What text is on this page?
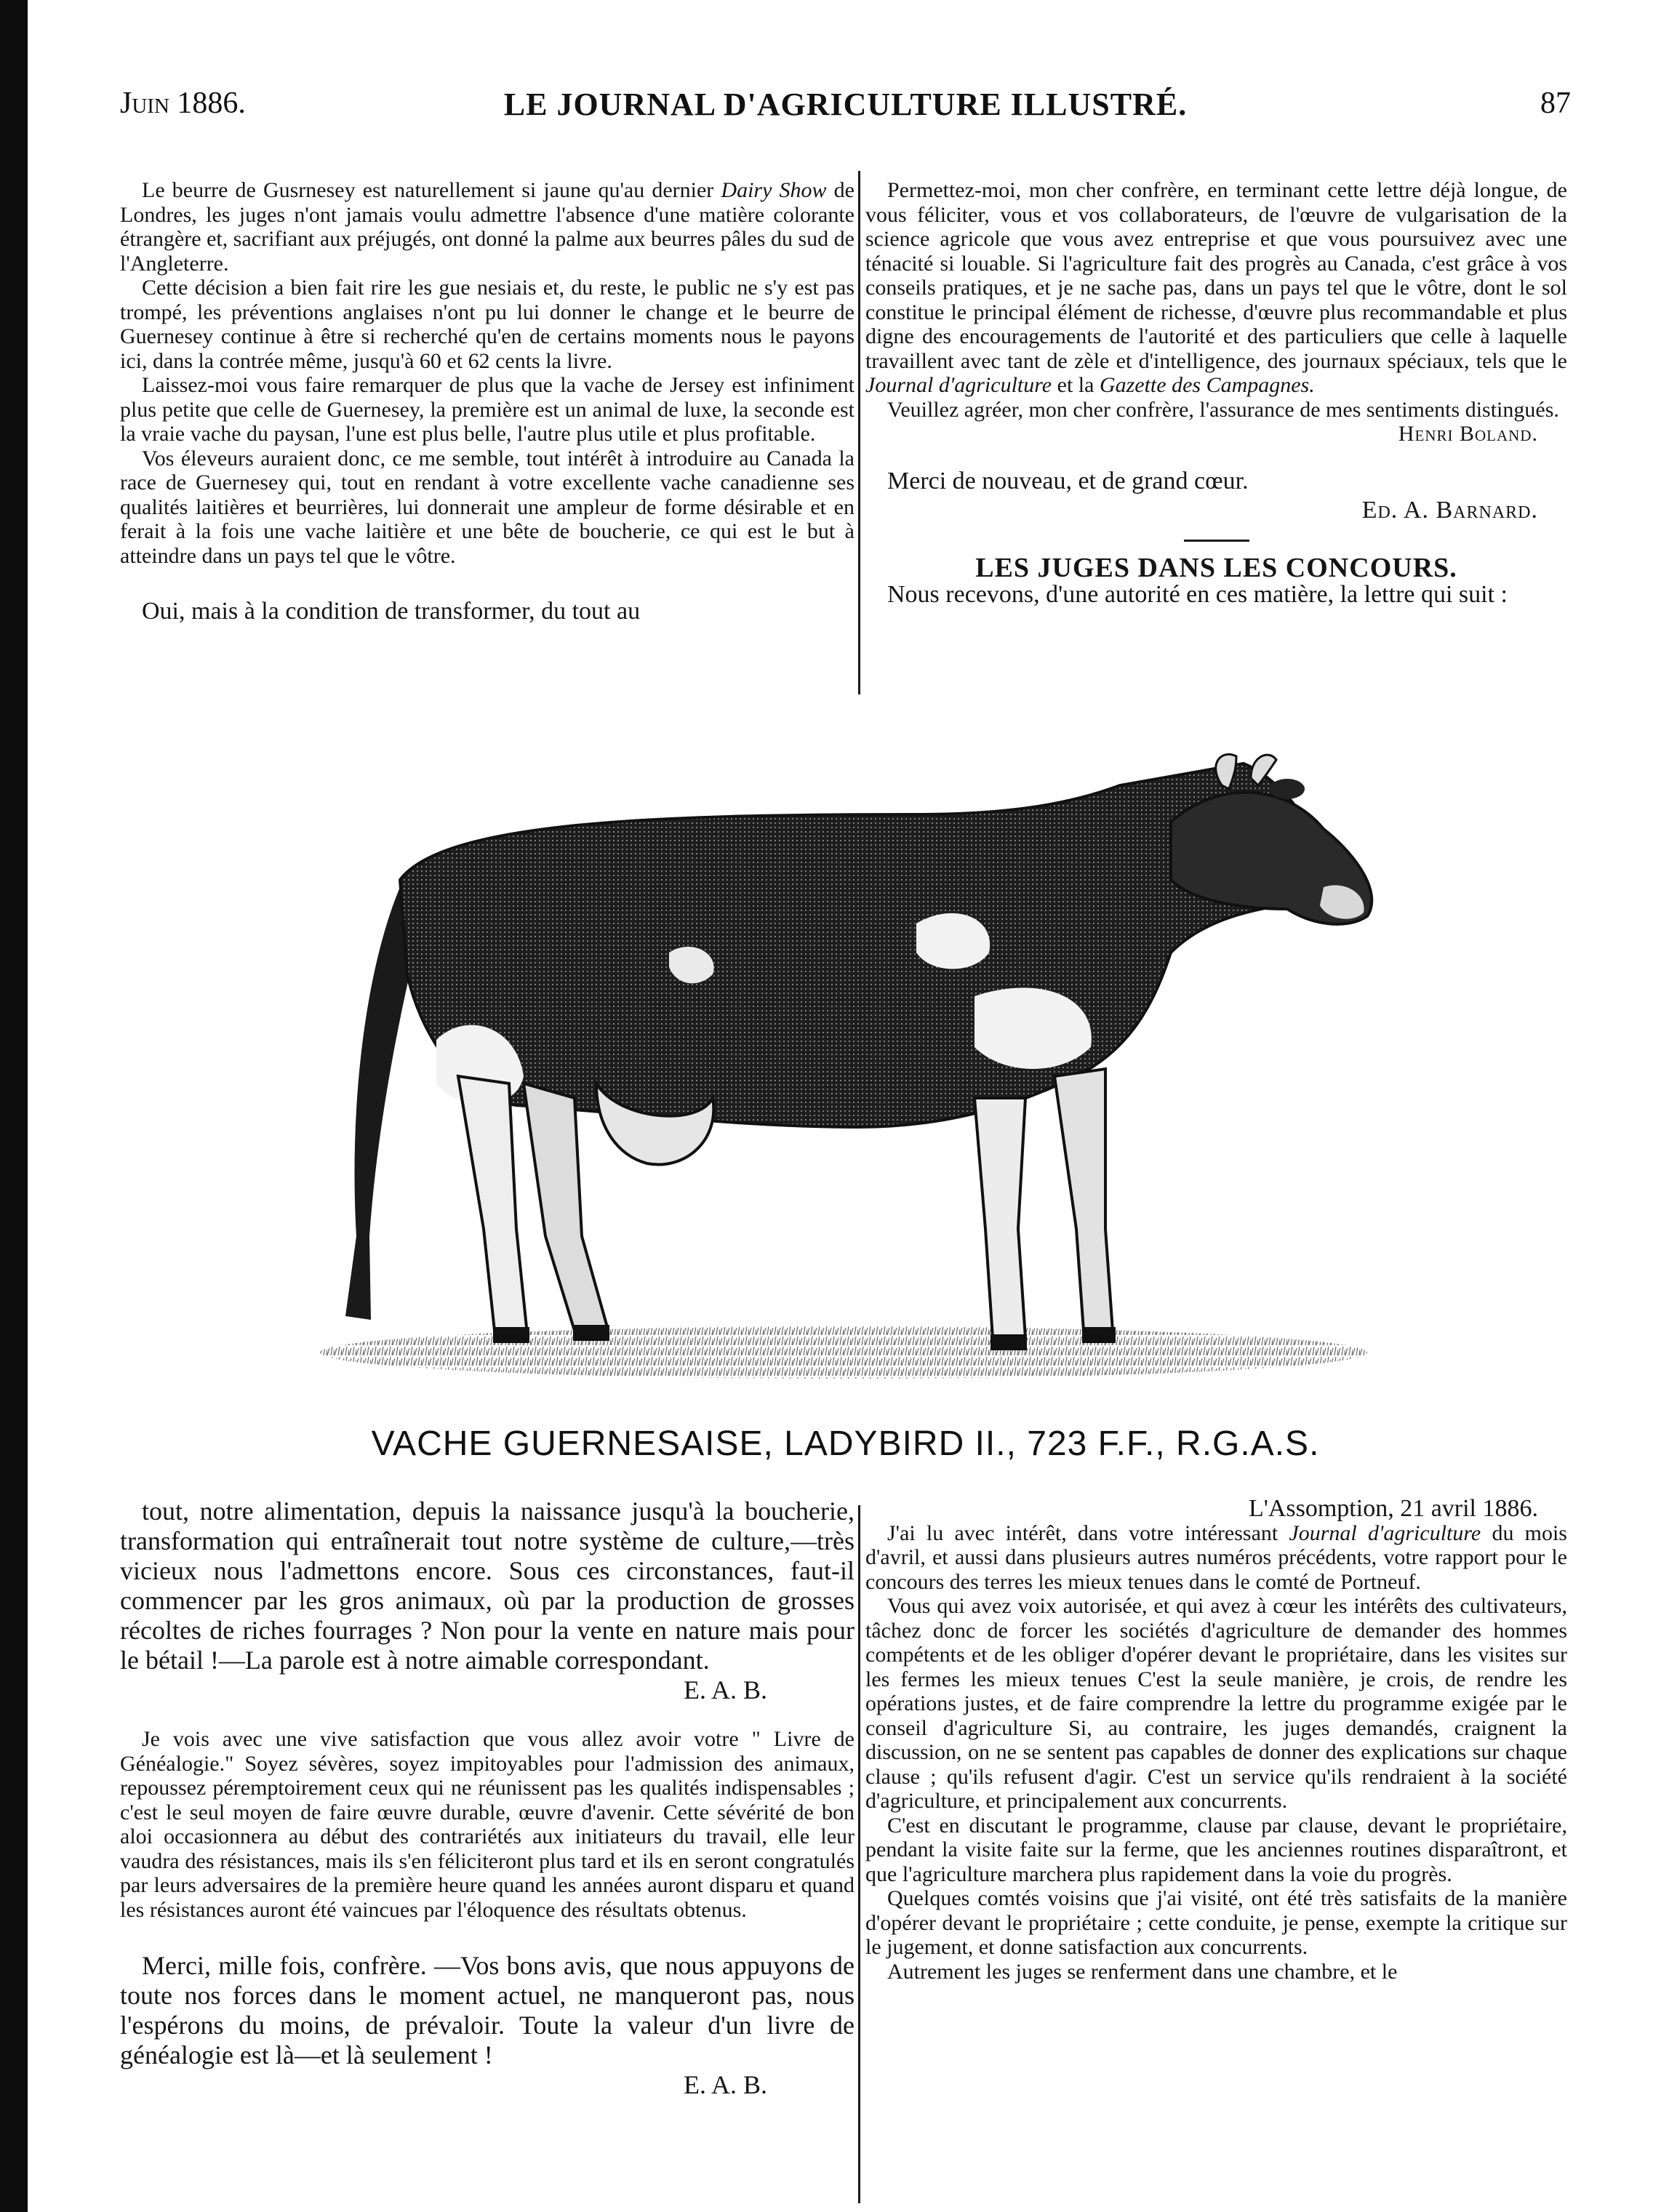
Juin 1886.	LE JOURNAL D'AGRICULTURE ILLUSTRÉ.	87

Le beurre de Gusrnesey est naturellement si jaune qu'au dernier Dairy Show de Londres, les juges n'ont jamais voulu admettre l'absence d'une matière colorante étrangère et, sacrifiant aux préjugés, ont donné la palme aux beurres pâles du sud de l'Angleterre.

Cette décision a bien fait rire les gue nesiais et, du reste, le public ne s'y est pas trompé, les préventions anglaises n'ont pu lui donner le change et le beurre de Guernesey continue à être si recherché qu'en de certains moments nous le payons ici, dans la contrée même, jusqu'à 60 et 62 cents la livre.

Laissez-moi vous faire remarquer de plus que la vache de Jersey est infiniment plus petite que celle de Guernesey, la première est un animal de luxe, la seconde est la vraie vache du paysan, l'une est plus belle, l'autre plus utile et plus profitable.

Vos éleveurs auraient donc, ce me semble, tout intérêt à introduire au Canada la race de Guernesey qui, tout en rendant à votre excellente vache canadienne ses qualités laitières et beurrières, lui donnerait une ampleur de forme désirable et en ferait à la fois une vache laitière et une bête de boucherie, ce qui est le but à atteindre dans un pays tel que le vôtre.

Oui, mais à la condition de transformer, du tout au

Permettez-moi, mon cher confrère, en terminant cette lettre déjà longue, de vous féliciter, vous et vos collaborateurs, de l'œuvre de vulgarisation de la science agricole que vous avez entreprise et que vous poursuivez avec une ténacité si louable. Si l'agriculture fait des progrès au Canada, c'est grâce à vos conseils pratiques, et je ne sache pas, dans un pays tel que le vôtre, dont le sol constitue le principal élément de richesse, d'œuvre plus recommandable et plus digne des encouragements de l'autorité et des particuliers que celle à laquelle travaillent avec tant de zèle et d'intelligence, des journaux spéciaux, tels que le Journal d'agriculture et la Gazette des Campagnes.

Veuillez agréer, mon cher confrère, l'assurance de mes sentiments distingués.

Henri Boland.

Merci de nouveau, et de grand cœur.

Ed. A. Barnard.
LES JUGES DANS LES CONCOURS.

Nous recevons, d'une autorité en ces matière, la lettre qui suit :

VACHE GUERNESAISE, LADYBIRD II., 723 F.F., R.G.A.S.

tout, notre alimentation, depuis la naissance jusqu'à la boucherie, transformation qui entraînerait tout notre système de culture,—très vicieux nous l'admettons encore. Sous ces circonstances, faut-il commencer par les gros animaux, où par la production de grosses récoltes de riches fourrages ? Non pour la vente en nature mais pour le bétail !—La parole est à notre aimable correspondant.

E. A. B.

Je vois avec une vive satisfaction que vous allez avoir votre " Livre de Généalogie." Soyez sévères, soyez impitoyables pour l'admission des animaux, repoussez péremptoirement ceux qui ne réunissent pas les qualités indispensables ; c'est le seul moyen de faire œuvre durable, œuvre d'avenir. Cette sévérité de bon aloi occasionnera au début des contrariétés aux initiateurs du travail, elle leur vaudra des résistances, mais ils s'en féliciteront plus tard et ils en seront congratulés par leurs adversaires de la première heure quand les années auront disparu et quand les résistances auront été vaincues par l'éloquence des résultats obtenus.

Merci, mille fois, confrère. —Vos bons avis, que nous appuyons de toute nos forces dans le moment actuel, ne manqueront pas, nous l'espérons du moins, de prévaloir. Toute la valeur d'un livre de généalogie est là—et là seulement !

E. A. B.
L'Assomption, 21 avril 1886.

J'ai lu avec intérêt, dans votre intéressant Journal d'agriculture du mois d'avril, et aussi dans plusieurs autres numéros précédents, votre rapport pour le concours des terres les mieux tenues dans le comté de Portneuf.

Vous qui avez voix autorisée, et qui avez à cœur les intérêts des cultivateurs, tâchez donc de forcer les sociétés d'agriculture de demander des hommes compétents et de les obliger d'opérer devant le propriétaire, dans les visites sur les fermes les mieux tenues C'est la seule manière, je crois, de rendre les opérations justes, et de faire comprendre la lettre du programme exigée par le conseil d'agriculture Si, au contraire, les juges demandés, craignent la discussion, on ne se sentent pas capables de donner des explications sur chaque clause ; qu'ils refusent d'agir. C'est un service qu'ils rendraient à la société d'agriculture, et principalement aux concurrents.

C'est en discutant le programme, clause par clause, devant le propriétaire, pendant la visite faite sur la ferme, que les anciennes routines disparaîtront, et que l'agriculture marchera plus rapidement dans la voie du progrès.

Quelques comtés voisins que j'ai visité, ont été très satisfaits de la manière d'opérer devant le propriétaire ; cette conduite, je pense, exempte la critique sur le jugement, et donne satisfaction aux concurrents.

Autrement les juges se renferment dans une chambre, et le
